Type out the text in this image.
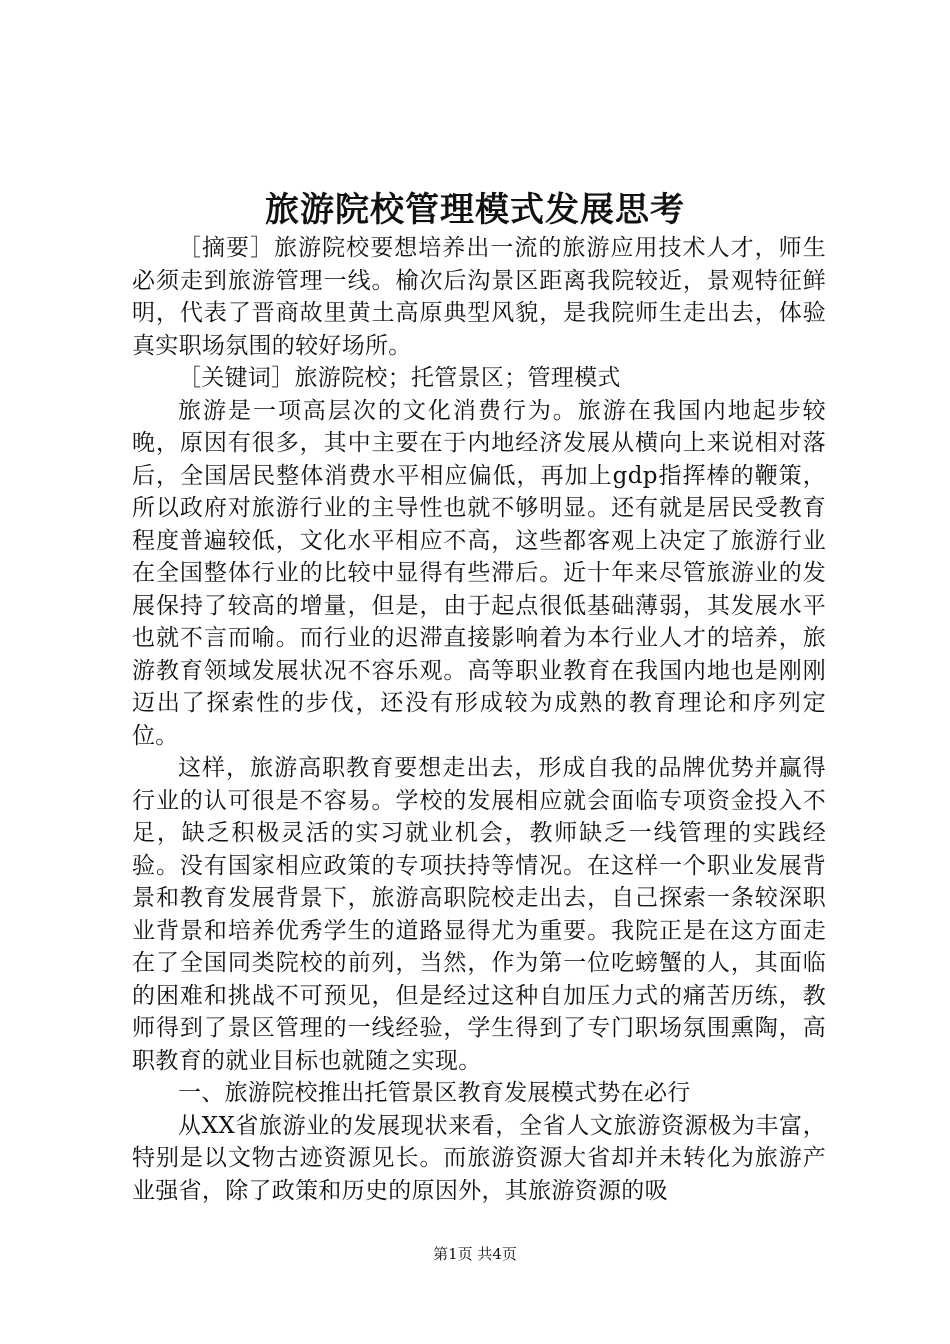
旅游院校管理模式发展思考

［摘要］旅游院校要想培养出一流的旅游应用技术人才，师生必须走到旅游管理一线。榆次后沟景区距离我院较近，景观特征鲜明，代表了晋商故里黄土高原典型风貌，是我院师生走出去，体验真实职场氛围的较好场所。

［关键词］旅游院校；托管景区；管理模式

旅游是一项高层次的文化消费行为。旅游在我国内地起步较晚，原因有很多，其中主要在于内地经济发展从横向上来说相对落后，全国居民整体消费水平相应偏低，再加上gdp指挥棒的鞭策，所以政府对旅游行业的主导性也就不够明显。还有就是居民受教育程度普遍较低，文化水平相应不高，这些都客观上决定了旅游行业在全国整体行业的比较中显得有些滞后。近十年来尽管旅游业的发展保持了较高的增量，但是，由于起点很低基础薄弱，其发展水平也就不言而喻。而行业的迟滞直接影响着为本行业人才的培养，旅游教育领域发展状况不容乐观。高等职业教育在我国内地也是刚刚迈出了探索性的步伐，还没有形成较为成熟的教育理论和序列定位。

这样，旅游高职教育要想走出去，形成自我的品牌优势并赢得行业的认可很是不容易。学校的发展相应就会面临专项资金投入不足，缺乏积极灵活的实习就业机会，教师缺乏一线管理的实践经验。没有国家相应政策的专项扶持等情况。在这样一个职业发展背景和教育发展背景下，旅游高职院校走出去，自己探索一条较深职业背景和培养优秀学生的道路显得尤为重要。我院正是在这方面走在了全国同类院校的前列，当然，作为第一位吃螃蟹的人，其面临的困难和挑战不可预见，但是经过这种自加压力式的痛苦历练，教师得到了景区管理的一线经验，学生得到了专门职场氛围熏陶，高职教育的就业目标也就随之实现。

一、旅游院校推出托管景区教育发展模式势在必行

从XX省旅游业的发展现状来看，全省人文旅游资源极为丰富，特别是以文物古迹资源见长。而旅游资源大省却并未转化为旅游产业强省，除了政策和历史的原因外，其旅游资源的吸

第1页 共4页
